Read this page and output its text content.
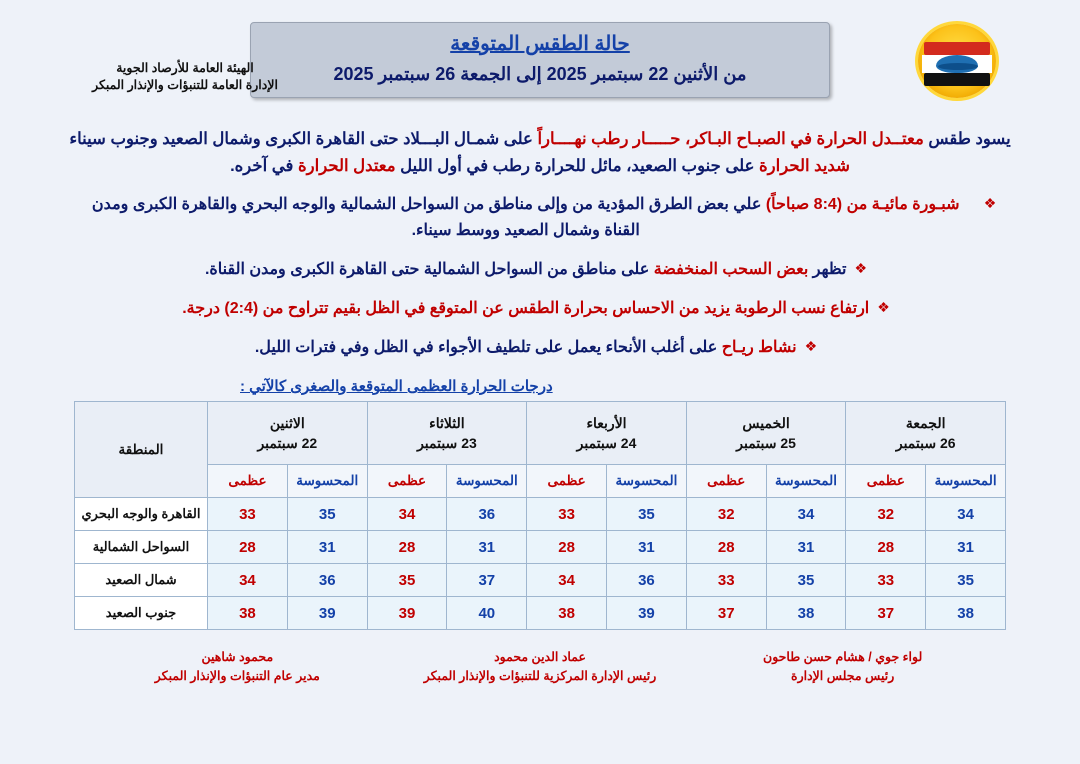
حالة الطقس المتوقعة
من الأثنين 22 سبتمبر 2025 إلى الجمعة 26 سبتمبر 2025
الهيئة العامة للأرصاد الجوية
الإدارة العامة للتنبؤات والإنذار المبكر
يسود طقس معتــدل الحرارة في الصبـاح البـاكر، حـــــار رطب نهــــاراً على شمـال البـــلاد حتى القاهرة الكبرى وشمال الصعيد وجنوب سيناء شديد الحرارة على جنوب الصعيد، مائل للحرارة رطب في أول الليل معتدل الحرارة في آخره.
❖
شبـورة مائيـة من (8:4 صباحاً) علي بعض الطرق المؤدية من وإلى مناطق من السواحل الشمالية والوجه البحري والقاهرة الكبرى ومدن القناة وشمال الصعيد ووسط سيناء.
❖
تظهر بعض السحب المنخفضة على مناطق من السواحل الشمالية حتى القاهرة الكبرى ومدن القناة.
❖
ارتفاع نسب الرطوبة يزيد من الاحساس بحرارة الطقس عن المتوقع في الظل بقيم تتراوح من (2:4) درجة.
❖
نشاط ريـاح على أغلب الأنحاء يعمل على تلطيف الأجواء في الظل وفي فترات الليل.
درجات الحرارة العظمى المتوقعة والصغرى كالآتي :
الجمعة
26 سبتمبر

الخميس
25 سبتمبر

الأربعاء
24 سبتمبر

الثلاثاء
23 سبتمبر

الاثنين
22 سبتمبر
	المنطقة
المحسوسة	عظمى	المحسوسة	عظمى	المحسوسة	عظمى	المحسوسة	عظمى	المحسوسة	عظمى	
34	32	34	32	35	33	36	34	35	33	القاهرة والوجه البحري
31	28	31	28	31	28	31	28	31	28	السواحل الشمالية
35	33	35	33	36	34	37	35	36	34	شمال الصعيد
38	37	38	37	39	38	40	39	39	38	جنوب الصعيد
لواء جوي / هشام حسن طاحون
رئيس مجلس الإدارة
عماد الدين محمود
رئيس الإدارة المركزية للتنبؤات والإنذار المبكر
محمود شاهين
مدير عام التنبؤات والإنذار المبكر
